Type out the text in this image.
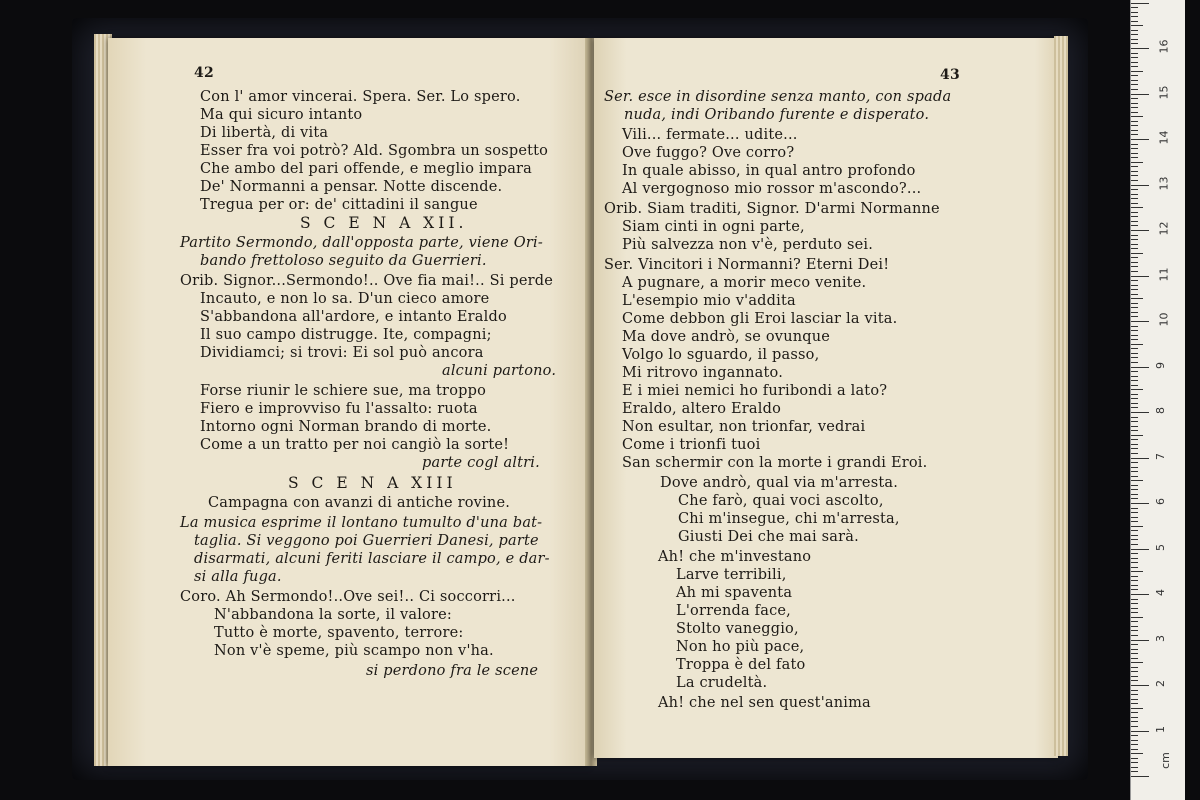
42
Con l' amor vincerai. Spera. Ser. Lo spero.
Ma qui sicuro intanto
Di libertà, di vita
Esser fra voi potrò? Ald. Sgombra un sospetto
Che ambo del pari offende, e meglio impara
De' Normanni a pensar. Notte discende.
Tregua per or: de' cittadini il sangue
S C E N A XII.
Partito Sermondo, dall'opposta parte, viene Ori-
bando frettoloso seguito da Guerrieri.
Orib. Signor...Sermondo!.. Ove fia mai!.. Si perde
Incauto, e non lo sa. D'un cieco amore
S'abbandona all'ardore, e intanto Eraldo
Il suo campo distrugge. Ite, compagni;
Dividiamci; si trovi: Ei sol può ancora
alcuni partono.
Forse riunir le schiere sue, ma troppo
Fiero e improvviso fu l'assalto: ruota
Intorno ogni Norman brando di morte.
Come a un tratto per noi cangiò la sorte!
parte cogl altri.
S C E N A XIII
Campagna con avanzi di antiche rovine.
La musica esprime il lontano tumulto d'una bat-
taglia. Si veggono poi Guerrieri Danesi, parte
disarmati, alcuni feriti lasciare il campo, e dar-
si alla fuga.
Coro. Ah Sermondo!..Ove sei!.. Ci soccorri...
N'abbandona la sorte, il valore:
Tutto è morte, spavento, terrore:
Non v'è speme, più scampo non v'ha.
si perdono fra le scene
43
Ser. esce in disordine senza manto, con spada
nuda, indi Oribando furente e disperato.
Vili... fermate... udite...
Ove fuggo? Ove corro?
In quale abisso, in qual antro profondo
Al vergognoso mio rossor m'ascondo?...
Orib. Siam traditi, Signor. D'armi Normanne
Siam cinti in ogni parte,
Più salvezza non v'è, perduto sei.
Ser. Vincitori i Normanni? Eterni Dei!
A pugnare, a morir meco venite.
L'esempio mio v'addita
Come debbon gli Eroi lasciar la vita.
Ma dove andrò, se ovunque
Volgo lo sguardo, il passo,
Mi ritrovo ingannato.
E i miei nemici ho furibondi a lato?
Eraldo, altero Eraldo
Non esultar, non trionfar, vedrai
Come i trionfi tuoi
San schermir con la morte i grandi Eroi.
Dove andrò, qual via m'arresta.
Che farò, quai voci ascolto,
Chi m'insegue, chi m'arresta,
Giusti Dei che mai sarà.
Ah! che m'investano
Larve terribili,
Ah mi spaventa
L'orrenda face,
Stolto vaneggio,
Non ho più pace,
Troppa è del fato
La crudeltà.
Ah! che nel sen quest'anima
cm
1
2
3
4
5
6
7
8
9
10
11
12
13
14
15
16
